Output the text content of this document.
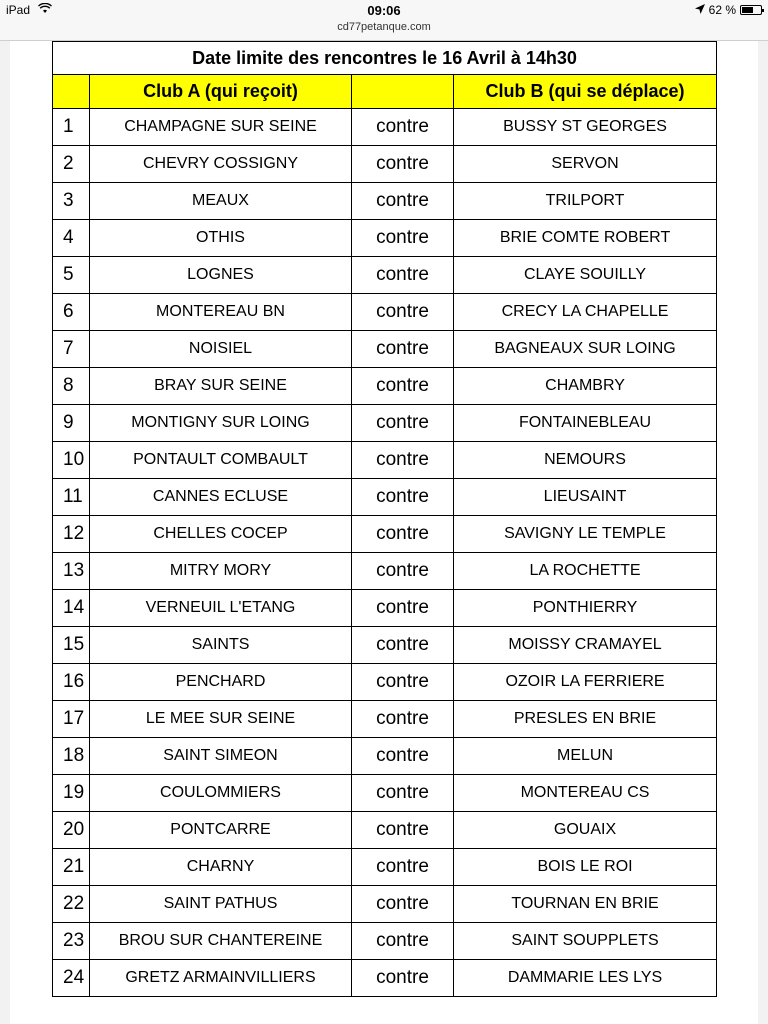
iPad	09:06
cd77petanque.com
62 %
Date limite des rencontres le 16 Avril à 14h30			
	Club A (qui reçoit)		Club B (qui se déplace)
1	CHAMPAGNE SUR SEINE	contre	BUSSY ST GEORGES
2	CHEVRY COSSIGNY	contre	SERVON
3	MEAUX	contre	TRILPORT
4	OTHIS	contre	BRIE COMTE ROBERT
5	LOGNES	contre	CLAYE SOUILLY
6	MONTEREAU BN	contre	CRECY LA CHAPELLE
7	NOISIEL	contre	BAGNEAUX SUR LOING
8	BRAY SUR SEINE	contre	CHAMBRY
9	MONTIGNY SUR LOING	contre	FONTAINEBLEAU
10	PONTAULT COMBAULT	contre	NEMOURS
11	CANNES ECLUSE	contre	LIEUSAINT
12	CHELLES COCEP	contre	SAVIGNY LE TEMPLE
13	MITRY MORY	contre	LA ROCHETTE
14	VERNEUIL L'ETANG	contre	PONTHIERRY
15	SAINTS	contre	MOISSY CRAMAYEL
16	PENCHARD	contre	OZOIR LA FERRIERE
17	LE MEE SUR SEINE	contre	PRESLES EN BRIE
18	SAINT SIMEON	contre	MELUN
19	COULOMMIERS	contre	MONTEREAU CS
20	PONTCARRE	contre	GOUAIX
21	CHARNY	contre	BOIS LE ROI
22	SAINT PATHUS	contre	TOURNAN EN BRIE
23	BROU SUR CHANTEREINE	contre	SAINT SOUPPLETS
24	GRETZ ARMAINVILLIERS	contre	DAMMARIE LES LYS
